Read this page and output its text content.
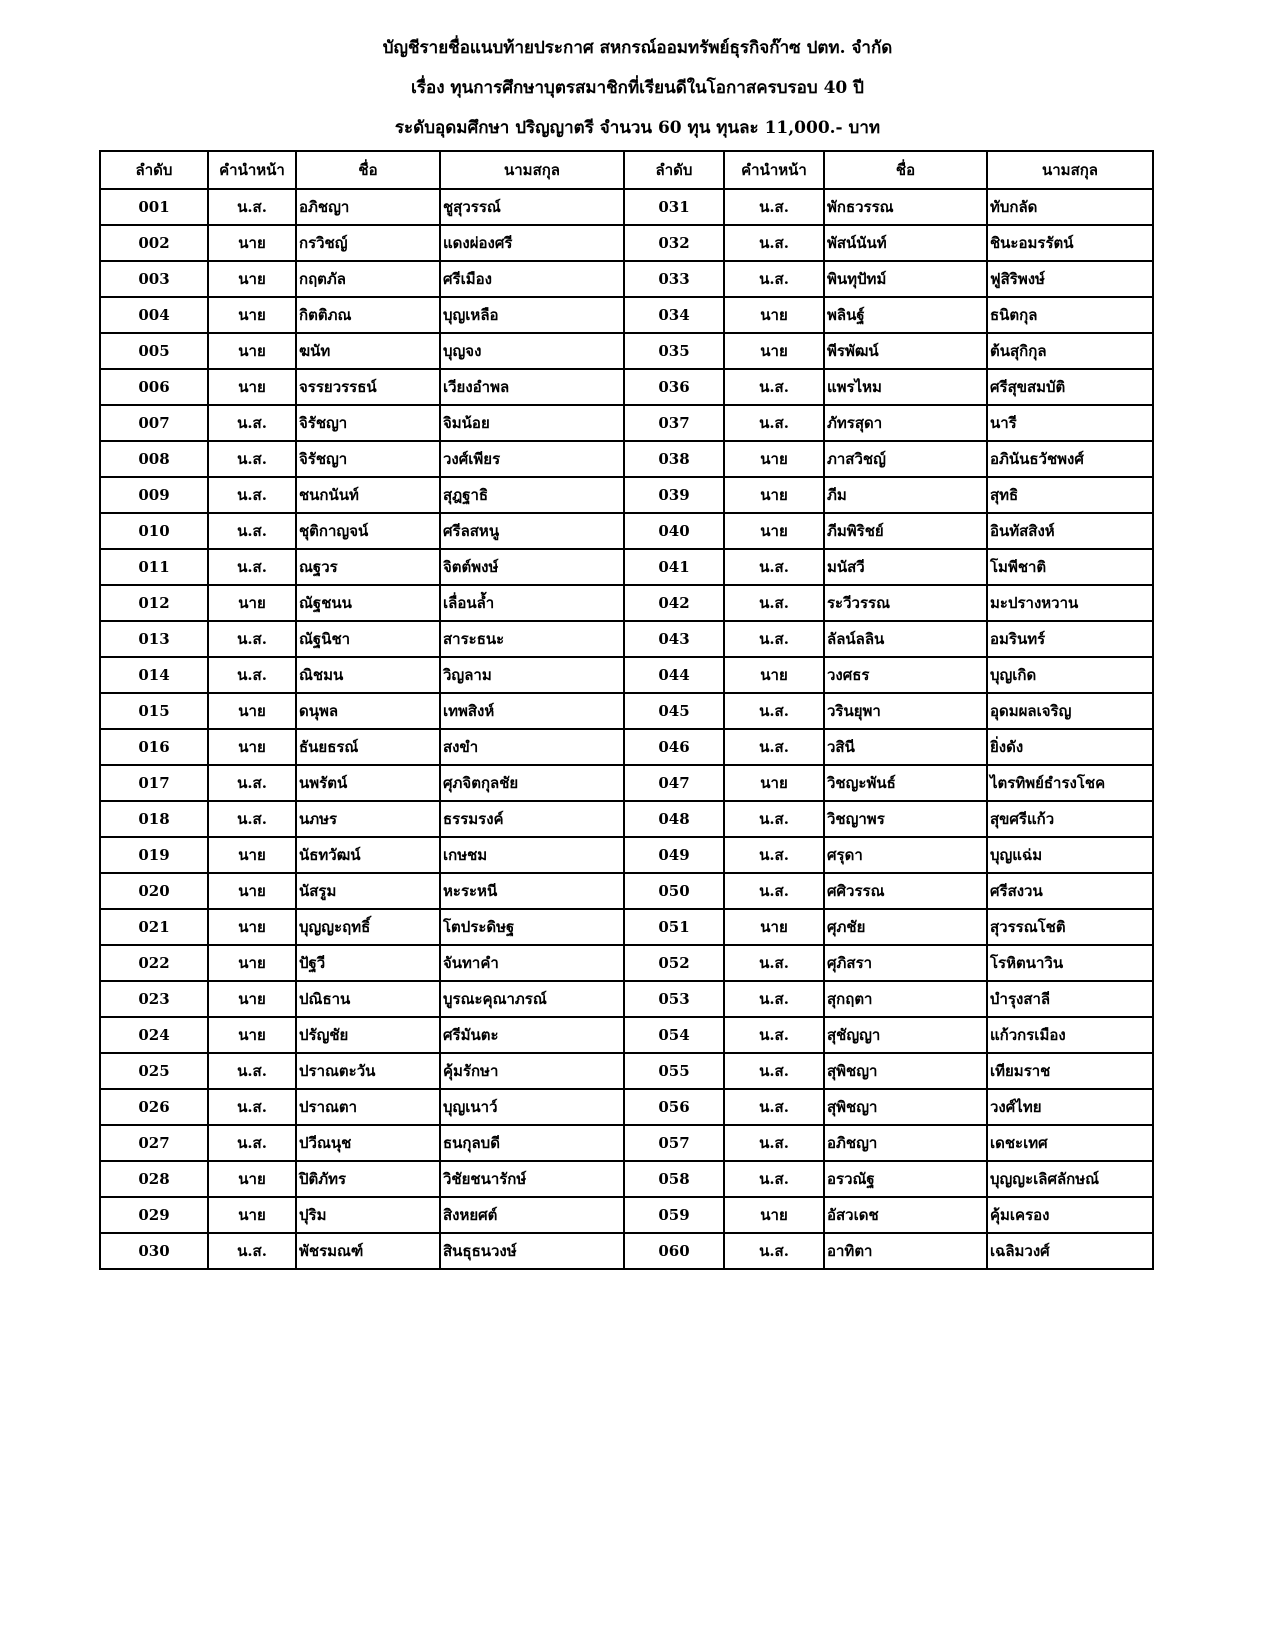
บัญชีรายชื่อแนบท้ายประกาศ สหกรณ์ออมทรัพย์ธุรกิจก๊าซ ปตท. จำกัด
เรื่อง ทุนการศึกษาบุตรสมาชิกที่เรียนดีในโอกาสครบรอบ 40 ปี
ระดับอุดมศึกษา ปริญญาตรี จำนวน 60 ทุน ทุนละ 11,000.- บาท
ลำดับ	คำนำหน้า	ชื่อ	นามสกุล	ลำดับ	คำนำหน้า	ชื่อ	นามสกุล
001	น.ส.	อภิชญา	ชูสุวรรณ์	031	น.ส.	พักธวรรณ	ทับกลัด
002	นาย	กรวิชญ์	แดงผ่องศรี	032	น.ส.	พัสน์นันท์	ชินะอมรรัตน์
003	นาย	กฤตภัล	ศรีเมือง	033	น.ส.	พินทุปัทม์	ฟูสิริพงษ์
004	นาย	กิตติภณ	บุญเหลือ	034	นาย	พลินฐ์	ธนิตกุล
005	นาย	ฆนัท	บุญจง	035	นาย	พีรพัฒน์	ต้นสุกิกุล
006	นาย	จรรยวรรธน์	เวียงอำพล	036	น.ส.	แพรไหม	ศรีสุขสมบัติ
007	น.ส.	จิรัชญา	จิมน้อย	037	น.ส.	ภัทรสุดา	นารี
008	น.ส.	จิรัชญา	วงศ์เพียร	038	นาย	ภาสวิชญ์	อภินันธวัชพงศ์
009	น.ส.	ชนกนันท์	สุฎฐาธิ	039	นาย	ภีม	สุทธิ
010	น.ส.	ชุติกาญจน์	ศรีลสหนู	040	นาย	ภีมพิริชย์	อินทัสสิงห์
011	น.ส.	ณฐวร	จิตต์พงษ์	041	น.ส.	มนัสวี	โมพีชาติ
012	นาย	ณัฐชนน	เลื่อนล้ำ	042	น.ส.	ระวีวรรณ	มะปรางหวาน
013	น.ส.	ณัฐนิชา	สาระธนะ	043	น.ส.	ลัลน์ลลิน	อมรินทร์
014	น.ส.	ณิชมน	วิญลาม	044	นาย	วงศธร	บุญเกิด
015	นาย	ดนุพล	เทพสิงห์	045	น.ส.	วรินยุพา	อุดมผลเจริญ
016	นาย	ธันยธรณ์	สงขำ	046	น.ส.	วสินี	ยิ่งดัง
017	น.ส.	นพรัตน์	ศุภจิตกุลชัย	047	นาย	วิชญะพันธ์	ไตรทิพย์ธำรงโชค
018	น.ส.	นภษร	ธรรมรงค์	048	น.ส.	วิชญาพร	สุขศรีแก้ว
019	นาย	นัธทวัฒน์	เกษชม	049	น.ส.	ศรุดา	บุญแฉ่ม
020	นาย	นัสรูม	หะระหนี	050	น.ส.	ศศิวรรณ	ศรีสงวน
021	นาย	บุญญะฤทธิ์	โตประดิษฐ	051	นาย	ศุภชัย	สุวรรณโชติ
022	นาย	ปัฐวี	จันทาคำ	052	น.ส.	ศุภิสรา	โรหิตนาวิน
023	นาย	ปณิธาน	บูรณะคุณาภรณ์	053	น.ส.	สุกฤตา	บำรุงสาลี
024	นาย	ปรัญชัย	ศรีมันตะ	054	น.ส.	สุชัญญา	แก้วกรเมือง
025	น.ส.	ปราณตะวัน	คุ้มรักษา	055	น.ส.	สุพิชญา	เทียมราช
026	น.ส.	ปราณตา	บุญเนาว์	056	น.ส.	สุพิชญา	วงศ์ไทย
027	น.ส.	ปวีณนุช	ธนกุลบดี	057	น.ส.	อภิชญา	เดชะเทศ
028	นาย	ปิติภัทร	วิชัยชนารักษ์	058	น.ส.	อรวณัฐ	บุญญะเลิศลักษณ์
029	นาย	ปุริม	สิงหยศต์	059	นาย	อัสวเดช	คุ้มเครอง
030	น.ส.	พัชรมณฑ์	สินธุธนวงษ์	060	น.ส.	อาทิตา	เฉลิมวงศ์
